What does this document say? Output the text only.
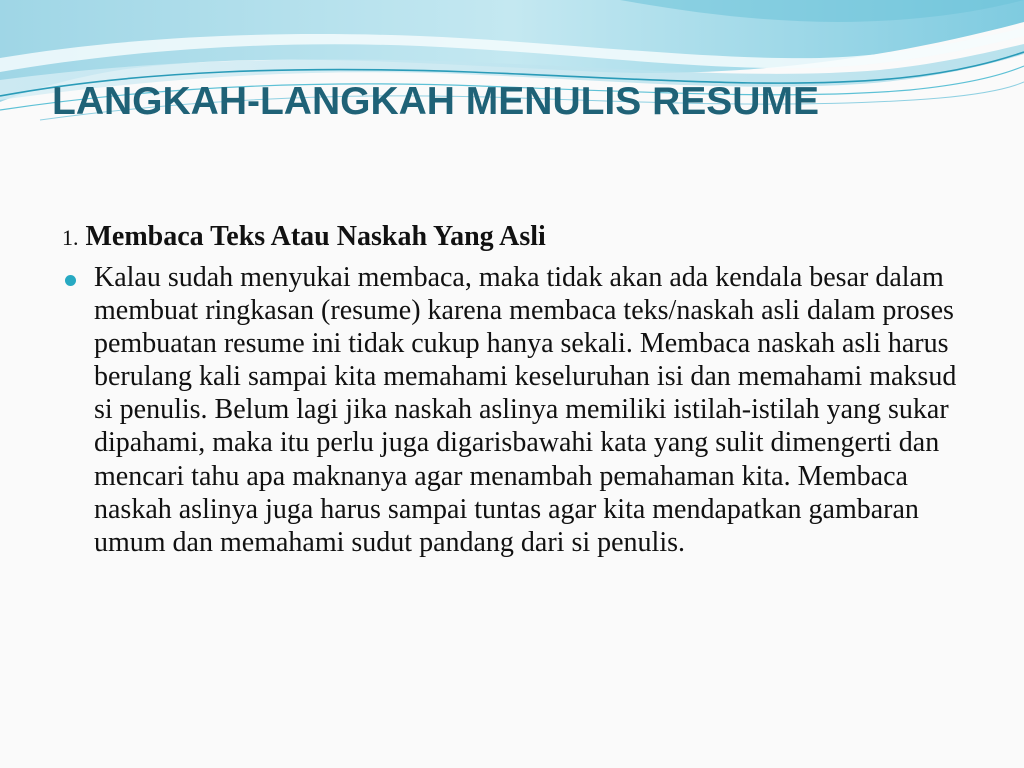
LANGKAH-LANGKAH MENULIS RESUME

1. Membaca Teks Atau Naskah Yang Asli

Kalau sudah menyukai membaca, maka tidak akan ada kendala besar dalam membuat ringkasan (resume) karena membaca teks/naskah asli dalam proses pembuatan resume ini tidak cukup hanya sekali. Membaca naskah asli harus berulang kali sampai kita memahami keseluruhan isi dan memahami maksud si penulis. Belum lagi jika naskah aslinya memiliki istilah-istilah yang sukar dipahami, maka itu perlu juga digarisbawahi kata yang sulit dimengerti dan mencari tahu apa maknanya agar menambah pemahaman kita. Membaca naskah aslinya juga harus sampai tuntas agar kita mendapatkan gambaran umum dan memahami sudut pandang dari si penulis.
